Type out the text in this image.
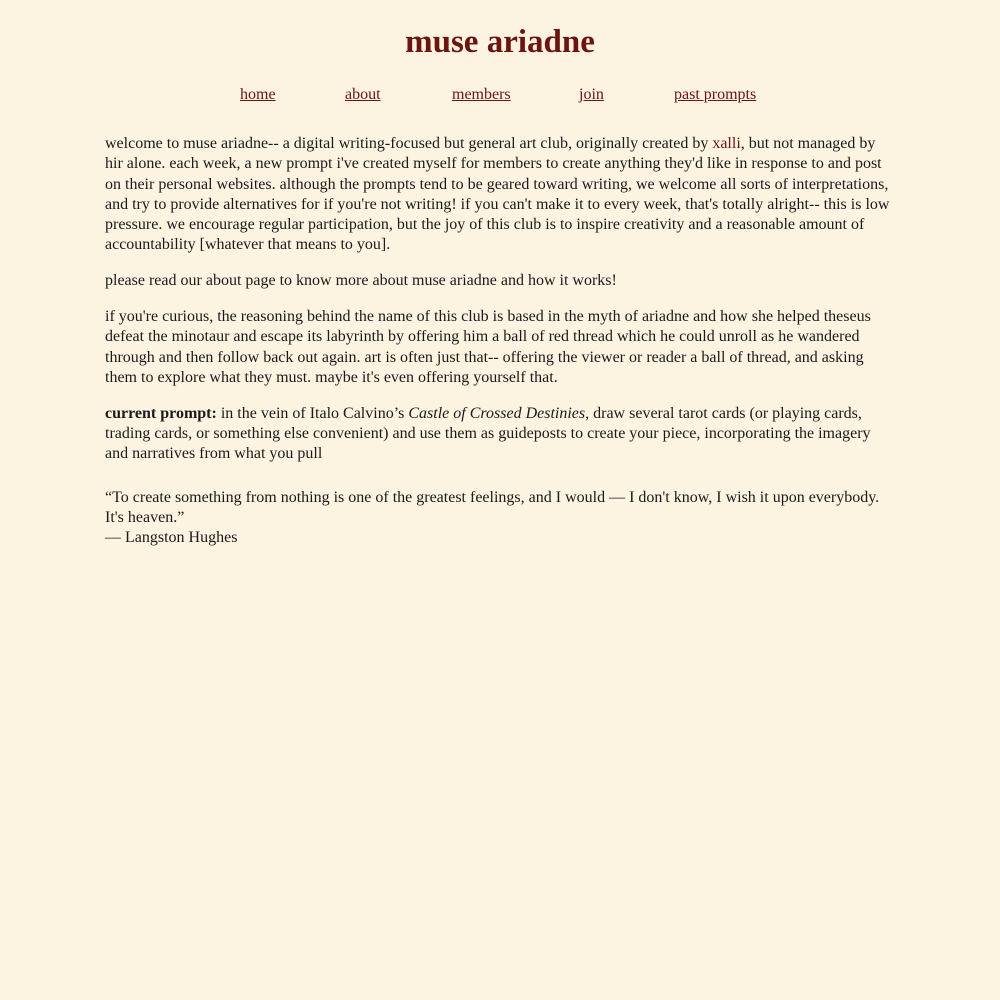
muse ariadne
home	about	members	join	past prompts

welcome to muse ariadne-- a digital writing-focused but general art club, originally created by xalli, but not managed by hir alone. each week, a new prompt i've created myself for members to create anything they'd like in response to and post on their personal websites. although the prompts tend to be geared toward writing, we welcome all sorts of interpretations, and try to provide alternatives for if you're not writing! if you can't make it to every week, that's totally alright-- this is low pressure. we encourage regular participation, but the joy of this club is to inspire creativity and a reasonable amount of accountability [whatever that means to you].

please read our about page to know more about muse ariadne and how it works!

if you're curious, the reasoning behind the name of this club is based in the myth of ariadne and how she helped theseus defeat the minotaur and escape its labyrinth by offering him a ball of red thread which he could unroll as he wandered through and then follow back out again. art is often just that-- offering the viewer or reader a ball of thread, and asking them to explore what they must. maybe it's even offering yourself that.

current prompt: in the vein of Italo Calvino’s Castle of Crossed Destinies, draw several tarot cards (or playing cards, trading cards, or something else convenient) and use them as guideposts to create your piece, incorporating the imagery and narratives from what you pull

“To create something from nothing is one of the greatest feelings, and I would — I don't know, I wish it upon everybody. It's heaven.”

— Langston Hughes
